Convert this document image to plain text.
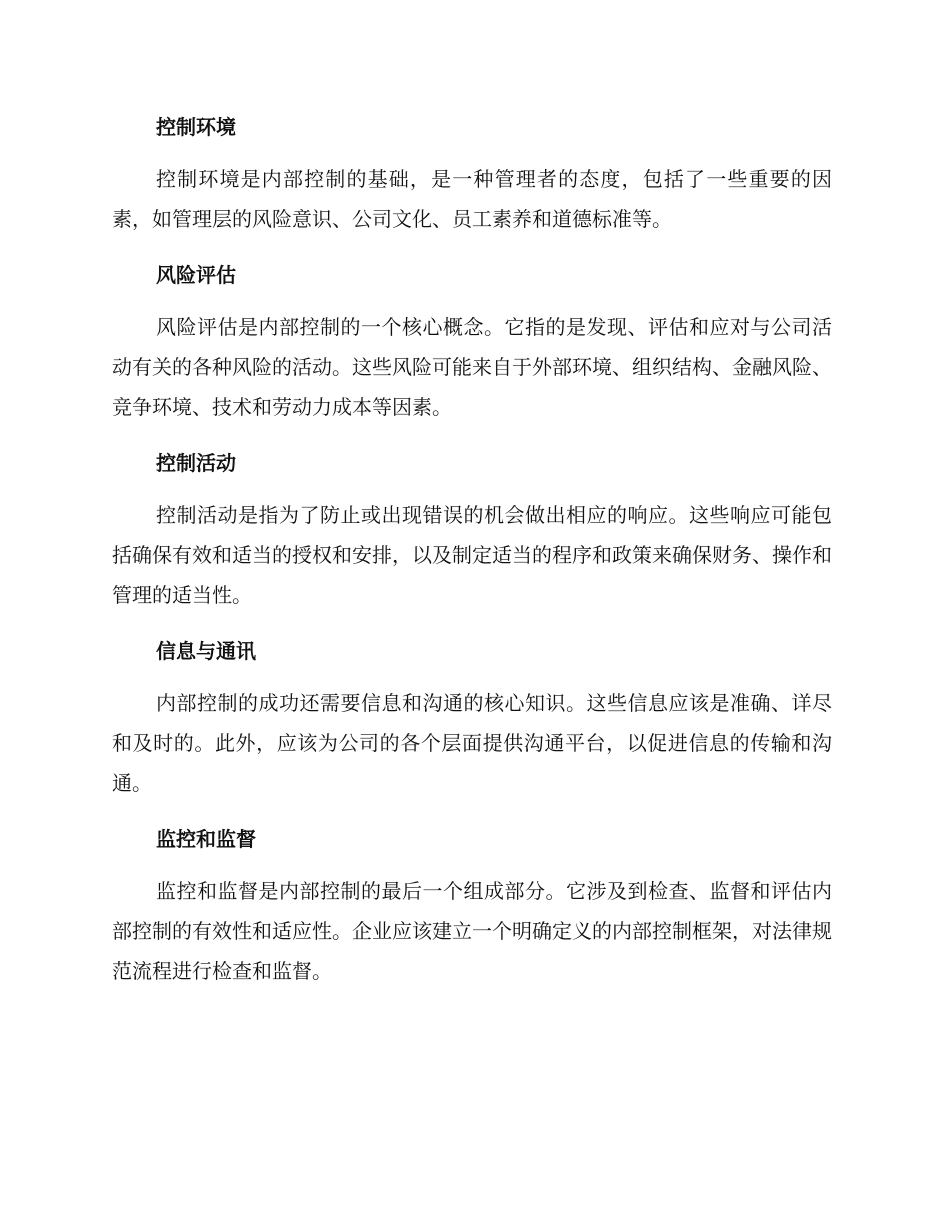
控制环境
控制环境是内部控制的基础，是一种管理者的态度，包括了一些重要的因素，如管理层的风险意识、公司文化、员工素养和道德标准等。
风险评估
风险评估是内部控制的一个核心概念。它指的是发现、评估和应对与公司活动有关的各种风险的活动。这些风险可能来自于外部环境、组织结构、金融风险、竞争环境、技术和劳动力成本等因素。
控制活动
控制活动是指为了防止或出现错误的机会做出相应的响应。这些响应可能包括确保有效和适当的授权和安排，以及制定适当的程序和政策来确保财务、操作和管理的适当性。
信息与通讯
内部控制的成功还需要信息和沟通的核心知识。这些信息应该是准确、详尽和及时的。此外，应该为公司的各个层面提供沟通平台，以促进信息的传输和沟通。
监控和监督
监控和监督是内部控制的最后一个组成部分。它涉及到检查、监督和评估内部控制的有效性和适应性。企业应该建立一个明确定义的内部控制框架，对法律规范流程进行检查和监督。
